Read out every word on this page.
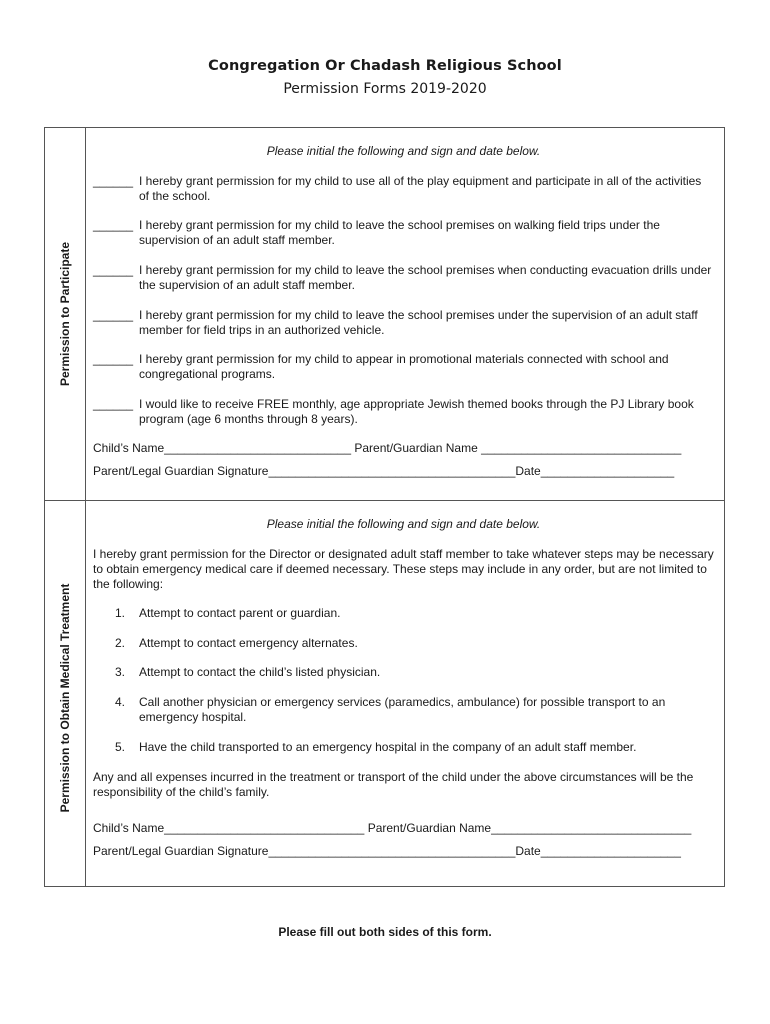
Congregation Or Chadash Religious School
Permission Forms 2019-2020
Permission to Participate
Please initial the following and sign and date below.
______ I hereby grant permission for my child to use all of the play equipment and participate in all of the activities of the school.
______ I hereby grant permission for my child to leave the school premises on walking field trips under the supervision of an adult staff member.
______ I hereby grant permission for my child to leave the school premises when conducting evacuation drills under the supervision of an adult staff member.
______ I hereby grant permission for my child to leave the school premises under the supervision of an adult staff member for field trips in an authorized vehicle.
______ I hereby grant permission for my child to appear in promotional materials connected with school and congregational programs.
______ I would like to receive FREE monthly, age appropriate Jewish themed books through the PJ Library book program (age 6 months through 8 years).
Child’s Name____________________________ Parent/Guardian Name ______________________________
Parent/Legal Guardian Signature_____________________________________Date____________________
Permission to Obtain Medical Treatment
Please initial the following and sign and date below.
I hereby grant permission for the Director or designated adult staff member to take whatever steps may be necessary to obtain emergency medical care if deemed necessary. These steps may include in any order, but are not limited to the following:
1.	Attempt to contact parent or guardian.
2.	Attempt to contact emergency alternates.
3.	Attempt to contact the child’s listed physician.
4.	Call another physician or emergency services (paramedics, ambulance) for possible transport to an emergency hospital.
5.	Have the child transported to an emergency hospital in the company of an adult staff member.
Any and all expenses incurred in the treatment or transport of the child under the above circumstances will be the responsibility of the child’s family.
Child’s Name______________________________ Parent/Guardian Name______________________________
Parent/Legal Guardian Signature_____________________________________Date_____________________
Please fill out both sides of this form.
